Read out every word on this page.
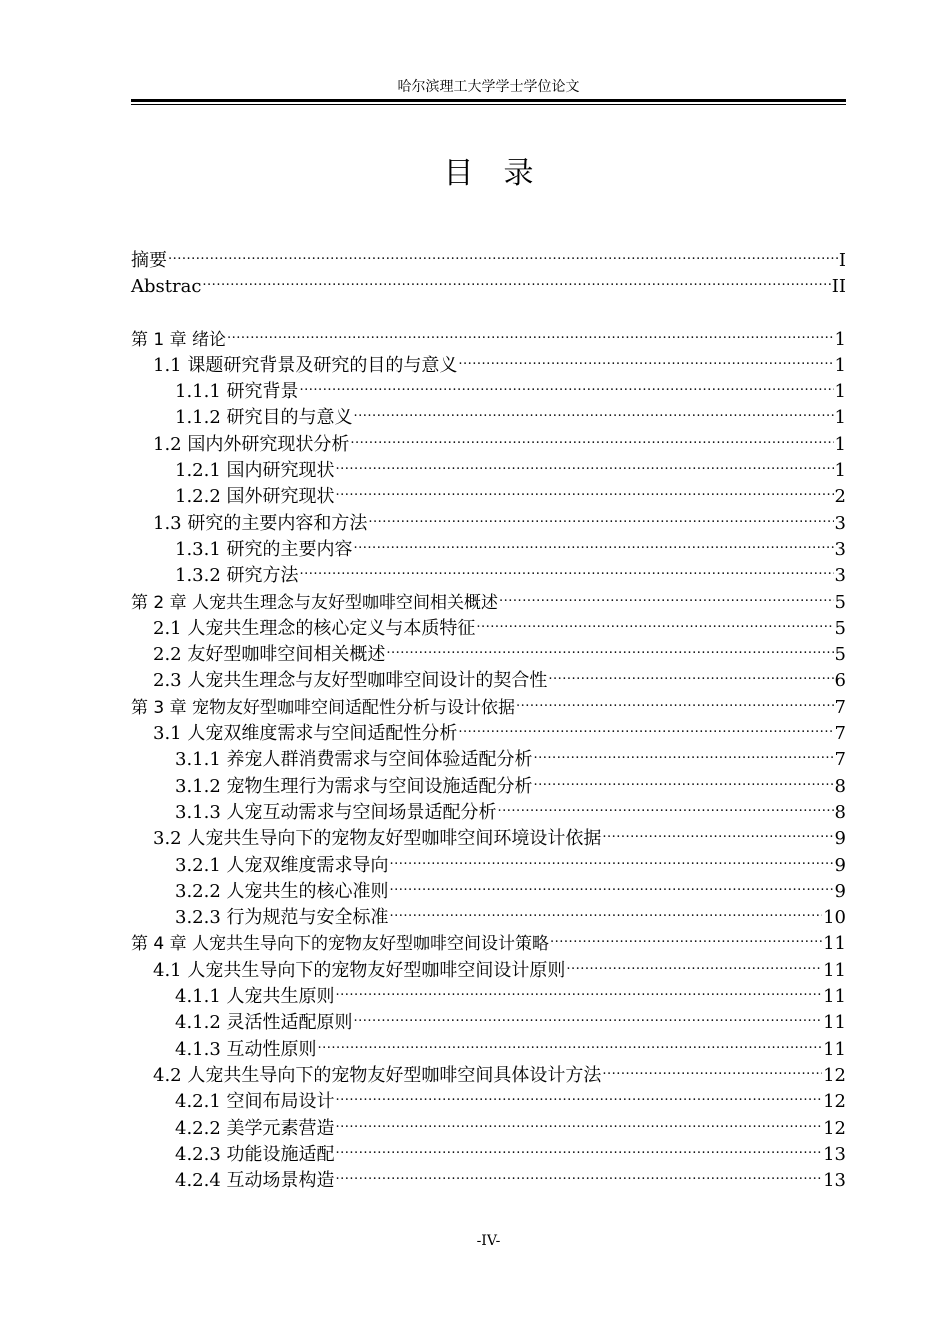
哈尔滨理工大学学士学位论文
目录
摘要 .....	I
Abstrac .....	II
第 1 章 绪论 .....	1
1.1 课题研究背景及研究的目的与意义 .....	1
1.1.1 研究背景 .....	1
1.1.2 研究目的与意义 .....	1
1.2 国内外研究现状分析 .....	1
1.2.1 国内研究现状 .....	1
1.2.2 国外研究现状 .....	2
1.3 研究的主要内容和方法 .....	3
1.3.1 研究的主要内容 .....	3
1.3.2 研究方法 .....	3
第 2 章 人宠共生理念与友好型咖啡空间相关概述 .....	5
2.1 人宠共生理念的核心定义与本质特征 .....	5
2.2 友好型咖啡空间相关概述 .....	5
2.3 人宠共生理念与友好型咖啡空间设计的契合性 .....	6
第 3 章 宠物友好型咖啡空间适配性分析与设计依据 .....	7
3.1 人宠双维度需求与空间适配性分析 .....	7
3.1.1 养宠人群消费需求与空间体验适配分析 .....	7
3.1.2 宠物生理行为需求与空间设施适配分析 .....	8
3.1.3 人宠互动需求与空间场景适配分析 .....	8
3.2 人宠共生导向下的宠物友好型咖啡空间环境设计依据 .....	9
3.2.1 人宠双维度需求导向 .....	9
3.2.2 人宠共生的核心准则 .....	9
3.2.3 行为规范与安全标准 .....	10
第 4 章 人宠共生导向下的宠物友好型咖啡空间设计策略 .....	11
4.1 人宠共生导向下的宠物友好型咖啡空间设计原则 .....	11
4.1.1 人宠共生原则 .....	11
4.1.2 灵活性适配原则 .....	11
4.1.3 互动性原则 .....	11
4.2 人宠共生导向下的宠物友好型咖啡空间具体设计方法 .....	12
4.2.1 空间布局设计 .....	12
4.2.2 美学元素营造 .....	12
4.2.3 功能设施适配 .....	13
4.2.4 互动场景构造 .....	13
-IV-
